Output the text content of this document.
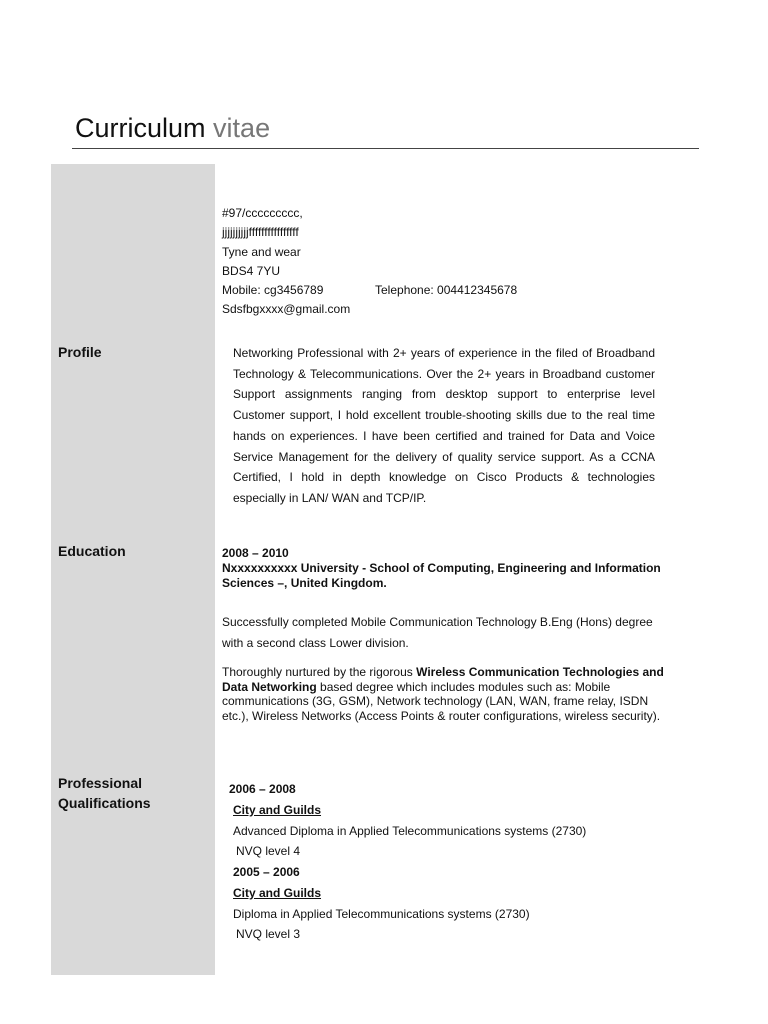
Curriculum vitae
Profile
Education
Professional
Qualifications
#97/ccccccccc,
jjjjjjjjjjffffffffffffffff
Tyne and wear
BDS4 7YU
Mobile: cg3456789	Telephone: 004412345678
Sdsfbgxxxx@gmail.com
Networking Professional with 2+ years of experience in the filed of Broadband Technology & Telecommunications. Over the 2+ years in Broadband customer Support assignments ranging from desktop support to enterprise level Customer support, I hold excellent trouble-shooting skills due to the real time hands on experiences. I have been certified and trained for Data and Voice Service Management for the delivery of quality service support. As a CCNA Certified, I hold in depth knowledge on Cisco Products & technologies especially in LAN/ WAN and TCP/IP.
2008 – 2010
Nxxxxxxxxxx University - School of Computing, Engineering and Information Sciences –, United Kingdom.
Successfully completed Mobile Communication Technology B.Eng (Hons) degree with a second class Lower division.
Thoroughly nurtured by the rigorous Wireless Communication Technologies and Data Networking based degree which includes modules such as: Mobile communications (3G, GSM), Network technology (LAN, WAN, frame relay, ISDN etc.), Wireless Networks (Access Points & router configurations, wireless security).
2006 – 2008
City and Guilds
Advanced Diploma in Applied Telecommunications systems (2730)
NVQ level 4
2005 – 2006
City and Guilds
Diploma in Applied Telecommunications systems (2730)
NVQ level 3
